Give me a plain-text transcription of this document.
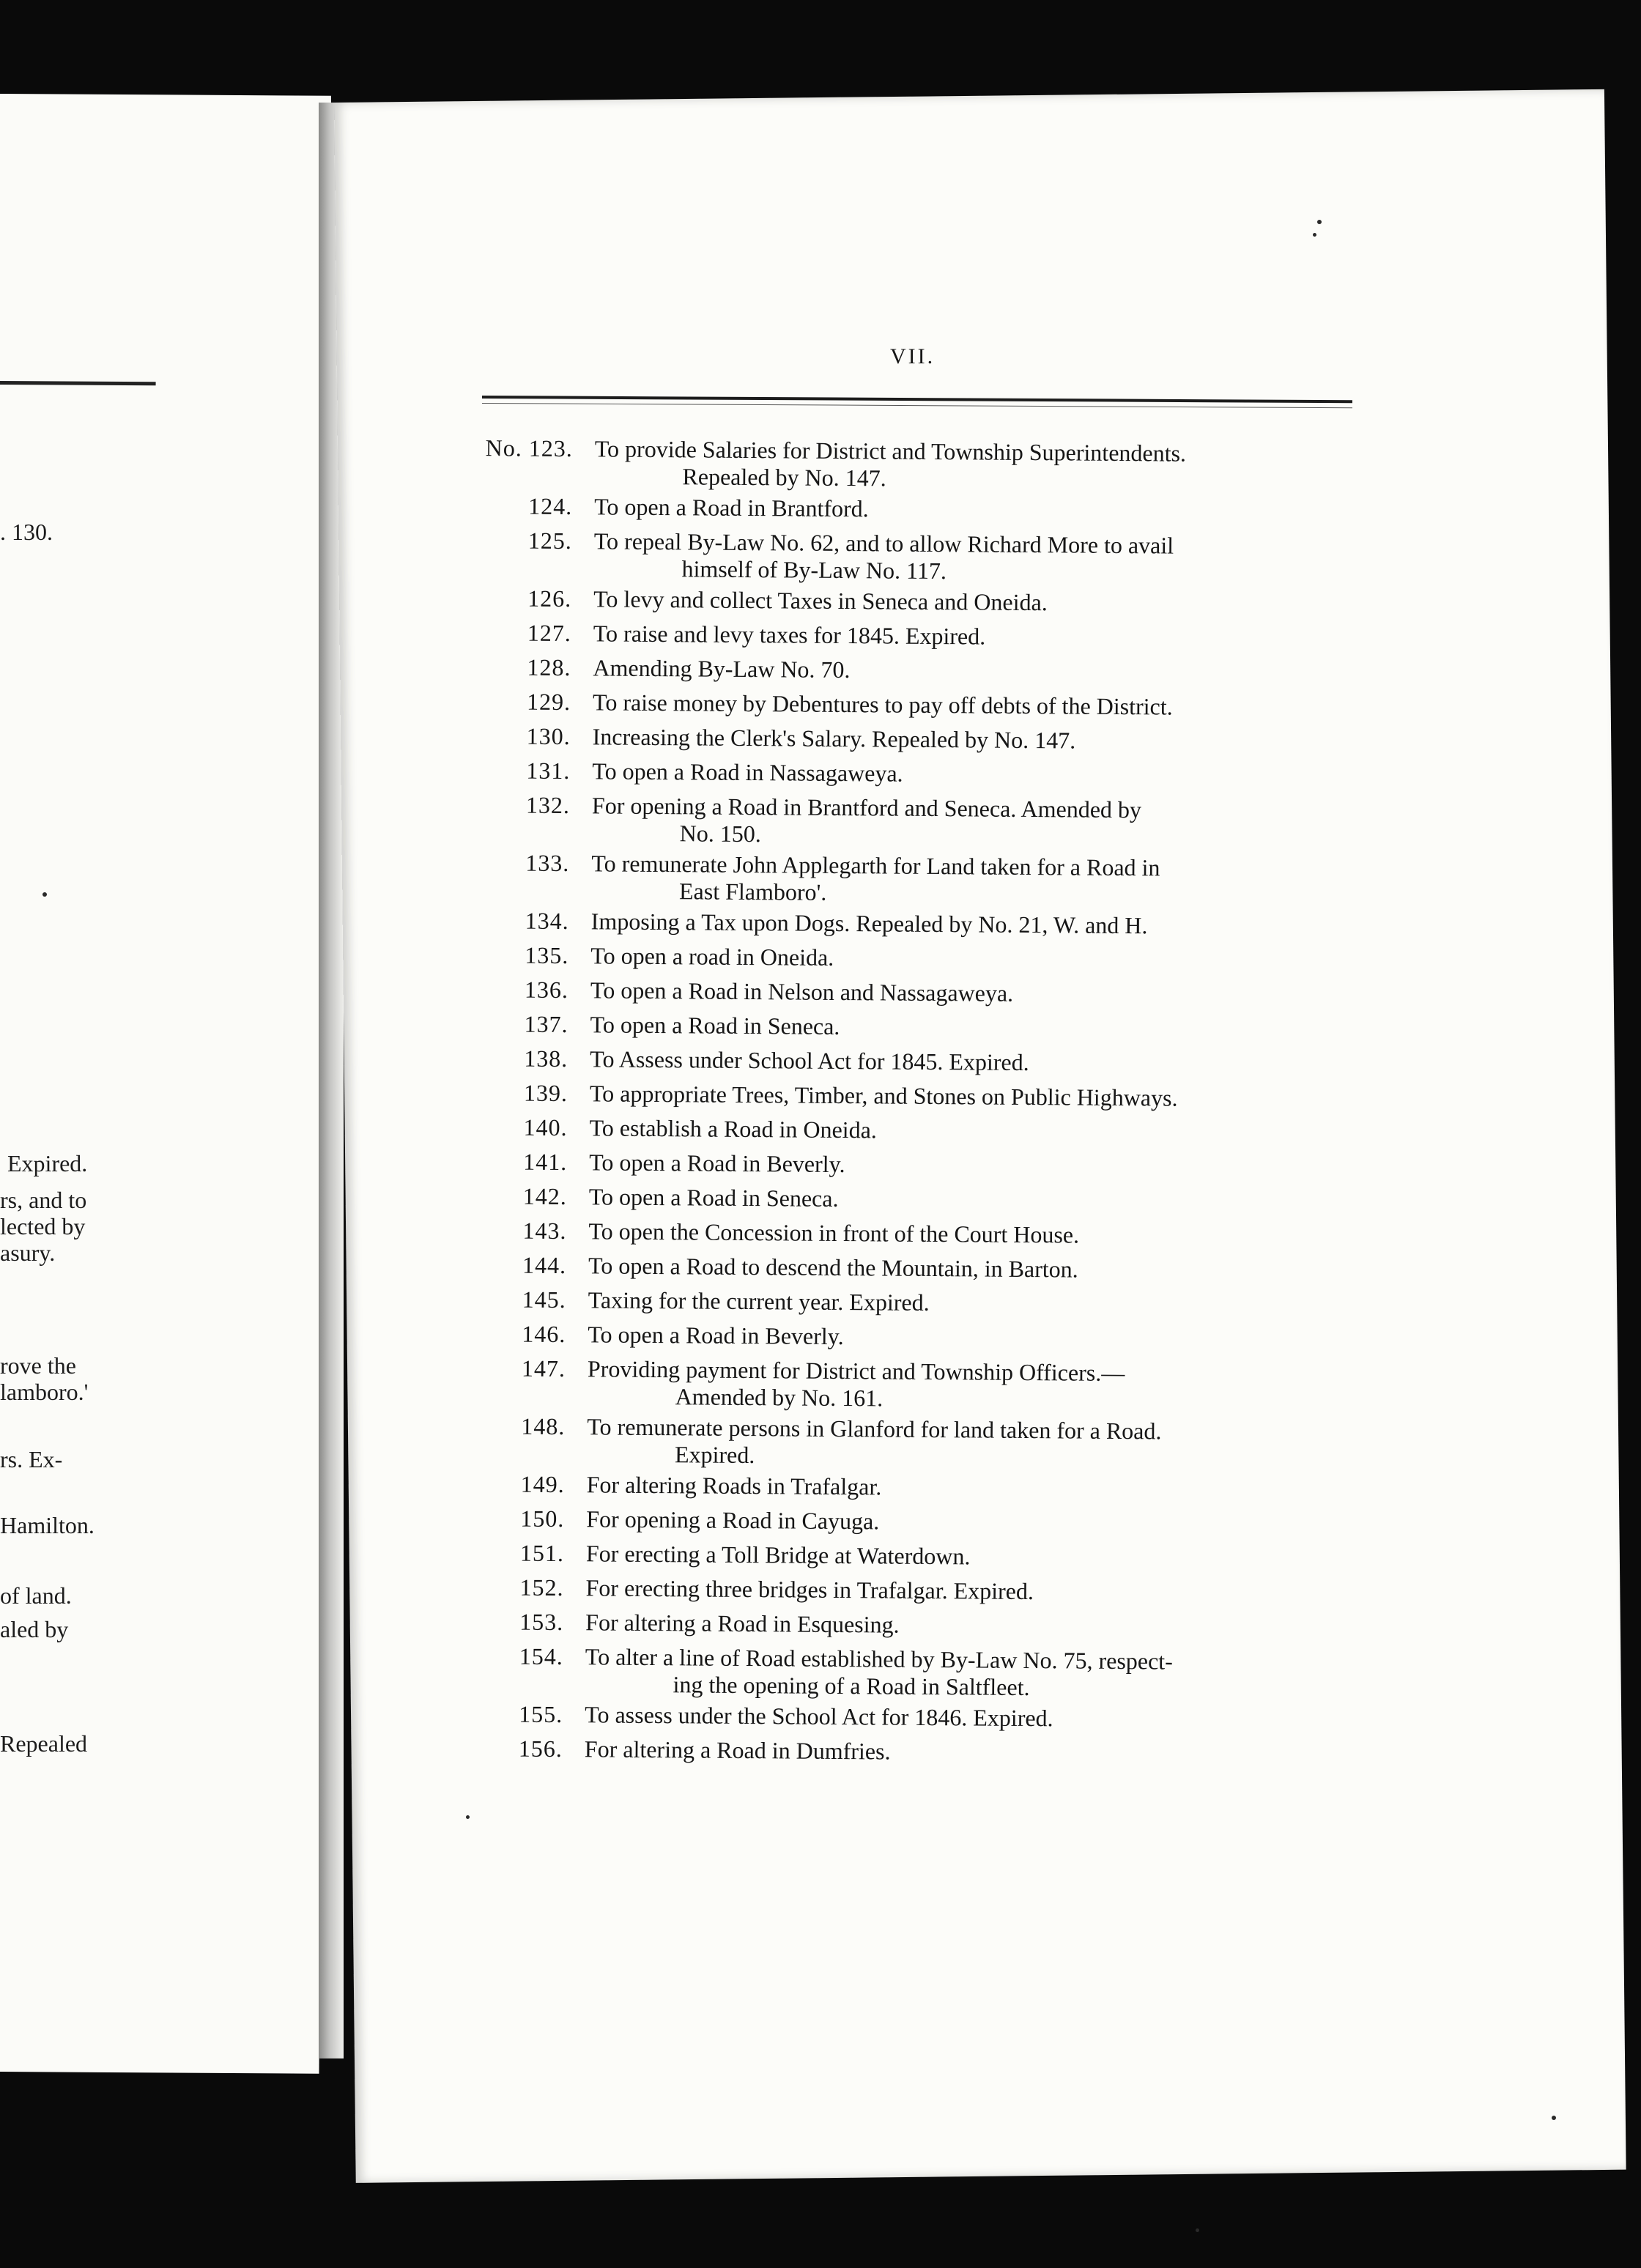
. 130.
Expired.
rs, and to
lected by
asury.
rove the
lamboro.'
rs. Ex-
Hamilton.
of land.
aled by
Repealed
VII.
No. 123. To provide Salaries for District and Township Superintendents.
Repealed by No. 147.
124. To open a Road in Brantford.
125. To repeal By-Law No. 62, and to allow Richard More to avail
himself of By-Law No. 117.
126. To levy and collect Taxes in Seneca and Oneida.
127. To raise and levy taxes for 1845. Expired.
128. Amending By-Law No. 70.
129. To raise money by Debentures to pay off debts of the District.
130. Increasing the Clerk's Salary. Repealed by No. 147.
131. To open a Road in Nassagaweya.
132. For opening a Road in Brantford and Seneca. Amended by
No. 150.
133. To remunerate John Applegarth for Land taken for a Road in
East Flamboro'.
134. Imposing a Tax upon Dogs. Repealed by No. 21, W. and H.
135. To open a road in Oneida.
136. To open a Road in Nelson and Nassagaweya.
137. To open a Road in Seneca.
138. To Assess under School Act for 1845. Expired.
139. To appropriate Trees, Timber, and Stones on Public Highways.
140. To establish a Road in Oneida.
141. To open a Road in Beverly.
142. To open a Road in Seneca.
143. To open the Concession in front of the Court House.
144. To open a Road to descend the Mountain, in Barton.
145. Taxing for the current year. Expired.
146. To open a Road in Beverly.
147. Providing payment for District and Township Officers.—
Amended by No. 161.
148. To remunerate persons in Glanford for land taken for a Road.
Expired.
149. For altering Roads in Trafalgar.
150. For opening a Road in Cayuga.
151. For erecting a Toll Bridge at Waterdown.
152. For erecting three bridges in Trafalgar. Expired.
153. For altering a Road in Esquesing.
154. To alter a line of Road established by By-Law No. 75, respect-
ing the opening of a Road in Saltfleet.
155. To assess under the School Act for 1846. Expired.
156. For altering a Road in Dumfries.
